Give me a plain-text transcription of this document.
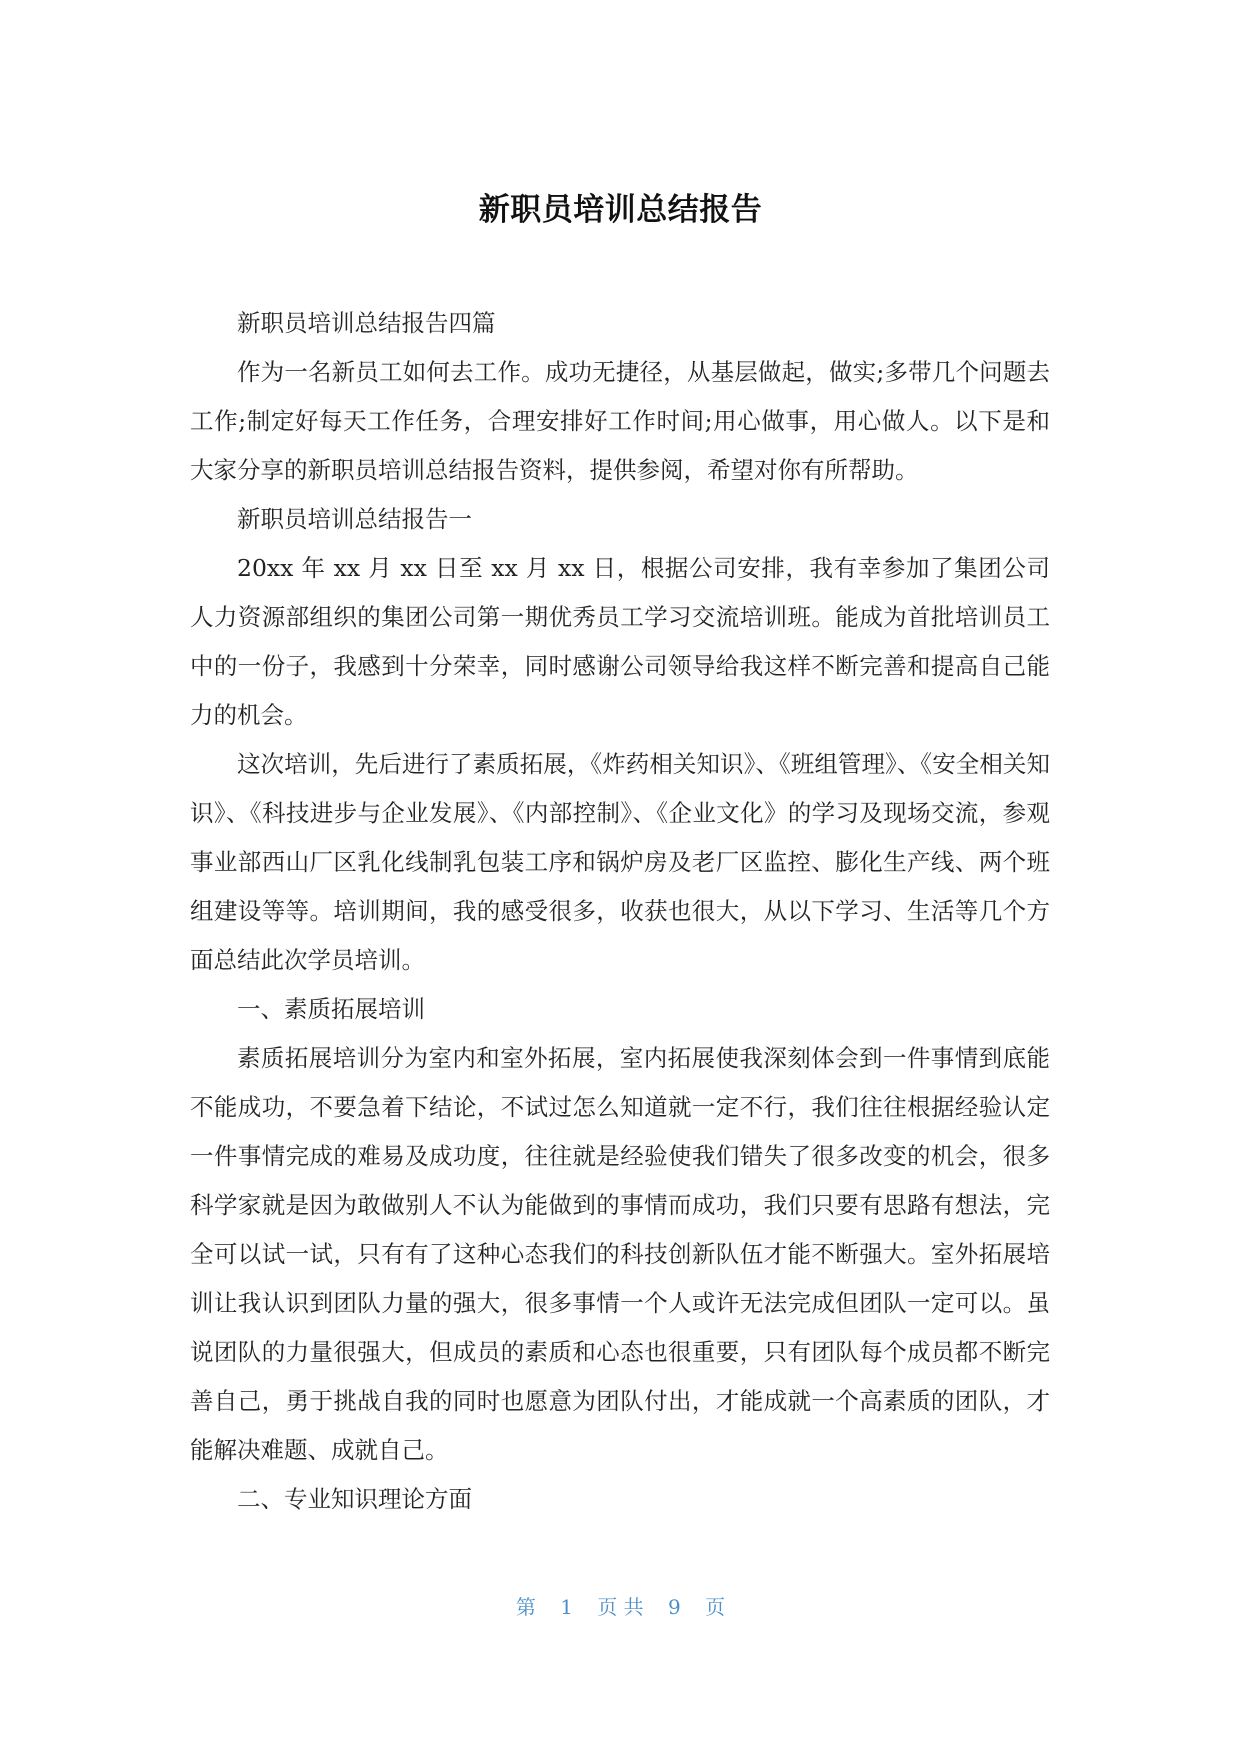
新职员培训总结报告

新职员培训总结报告四篇

作为一名新员工如何去工作。成功无捷径，从基层做起，做实;多带几个问题去工作;制定好每天工作任务，合理安排好工作时间;用心做事，用心做人。以下是和大家分享的新职员培训总结报告资料，提供参阅，希望对你有所帮助。

新职员培训总结报告一

20xx 年 xx 月 xx 日至 xx 月 xx 日，根据公司安排，我有幸参加了集团公司人力资源部组织的集团公司第一期优秀员工学习交流培训班。能成为首批培训员工中的一份子，我感到十分荣幸，同时感谢公司领导给我这样不断完善和提高自己能力的机会。

这次培训，先后进行了素质拓展，《炸药相关知识》、《班组管理》、《安全相关知识》、《科技进步与企业发展》、《内部控制》、《企业文化》的学习及现场交流，参观事业部西山厂区乳化线制乳包装工序和锅炉房及老厂区监控、膨化生产线、两个班组建设等等。培训期间，我的感受很多，收获也很大，从以下学习、生活等几个方面总结此次学员培训。

一、素质拓展培训

素质拓展培训分为室内和室外拓展，室内拓展使我深刻体会到一件事情到底能不能成功，不要急着下结论，不试过怎么知道就一定不行，我们往往根据经验认定一件事情完成的难易及成功度，往往就是经验使我们错失了很多改变的机会，很多科学家就是因为敢做别人不认为能做到的事情而成功，我们只要有思路有想法，完全可以试一试，只有有了这种心态我们的科技创新队伍才能不断强大。室外拓展培训让我认识到团队力量的强大，很多事情一个人或许无法完成但团队一定可以。虽说团队的力量很强大，但成员的素质和心态也很重要，只有团队每个成员都不断完善自己，勇于挑战自我的同时也愿意为团队付出，才能成就一个高素质的团队，才能解决难题、成就自己。

二、专业知识理论方面

第 1 页 共 9 页
